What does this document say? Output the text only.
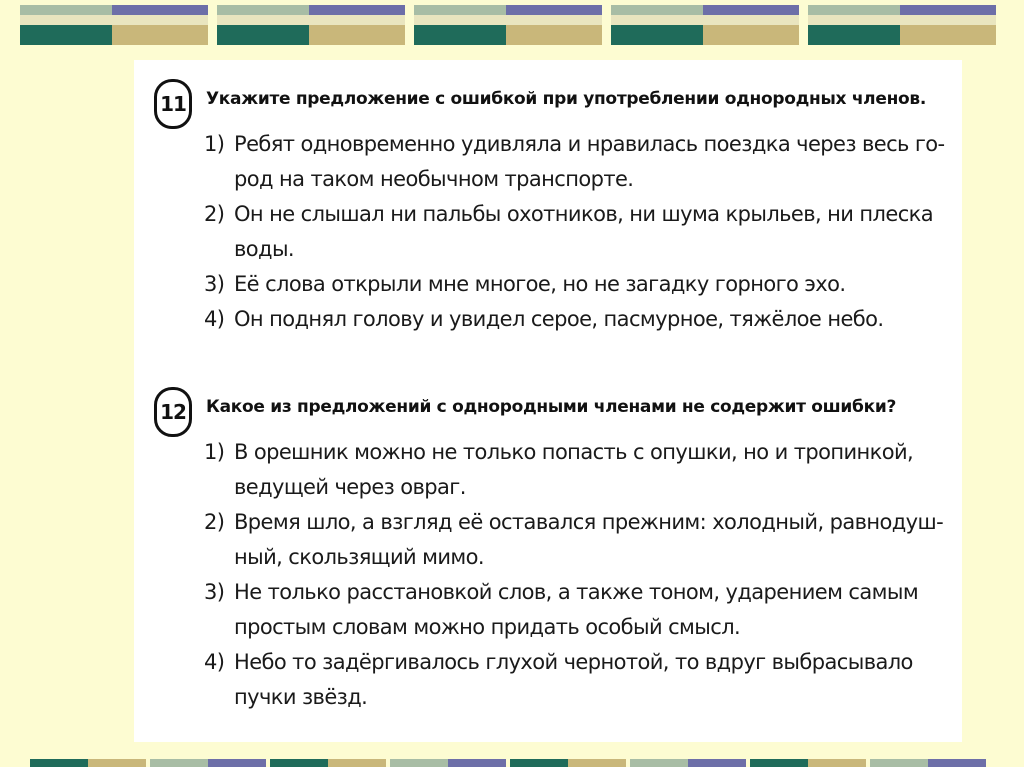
11	Укажите предложение с ошибкой при употреблении однородных членов.
1) Ребят одновременно удивляла и нравилась поездка через весь го-
род на таком необычном транспорте.
2) Он не слышал ни пальбы охотников, ни шума крыльев, ни плеска
воды.
3) Её слова открыли мне многое, но не загадку горного эхо.
4) Он поднял голову и увидел серое, пасмурное, тяжёлое небо.
12	Какое из предложений с однородными членами не содержит ошибки?
1) В орешник можно не только попасть с опушки, но и тропинкой,
ведущей через овраг.
2) Время шло, а взгляд её оставался прежним: холодный, равнодуш-
ный, скользящий мимо.
3) Не только расстановкой слов, а также тоном, ударением самым
простым словам можно придать особый смысл.
4) Небо то задёргивалось глухой чернотой, то вдруг выбрасывало
пучки звёзд.
